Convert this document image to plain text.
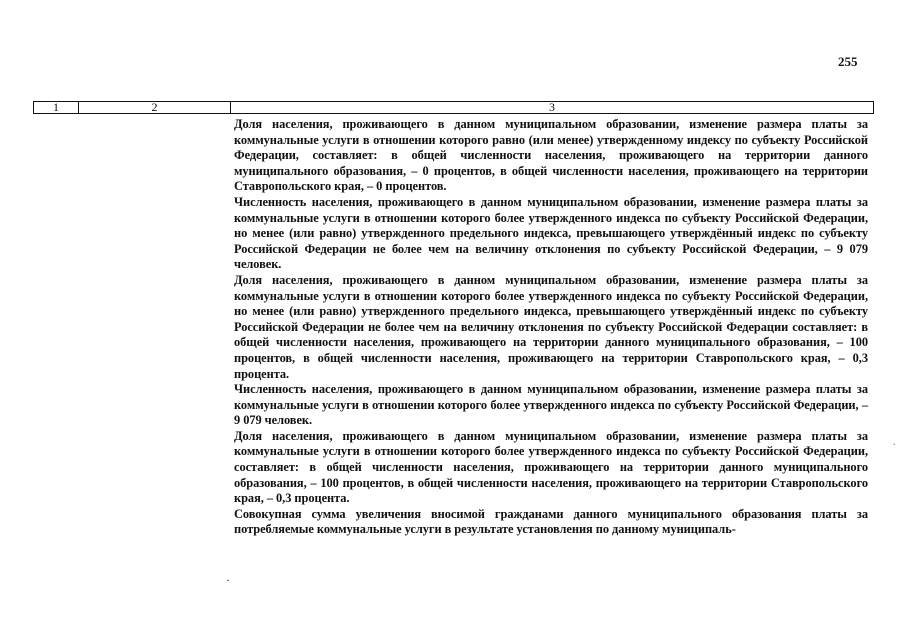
255
1	2	3

Доля населения, проживающего в данном муниципальном образовании, изменение размера платы за коммунальные услуги в отношении которого равно (или менее) утвержденному индексу по субъекту Российской Федерации, составляет: в общей численности населения, проживающего на территории данного муниципального образования, – 0 процентов, в общей численности населения, проживающего на территории Ставропольского края, – 0 процентов.

Численность населения, проживающего в данном муниципальном образовании, изменение размера платы за коммунальные услуги в отношении которого более утвержденного индекса по субъекту Российской Федерации, но менее (или равно) утвержденного предельного индекса, превышающего утверждённый индекс по субъекту Российской Федерации не более чем на величину отклонения по субъекту Российской Федерации, – 9 079 человек.

Доля населения, проживающего в данном муниципальном образовании, изменение размера платы за коммунальные услуги в отношении которого более утвержденного индекса по субъекту Российской Федерации, но менее (или равно) утвержденного предельного индекса, превышающего утверждённый индекс по субъекту Российской Федерации не более чем на величину отклонения по субъекту Российской Федерации составляет: в общей численности населения, проживающего на территории данного муниципального образования, – 100 процентов, в общей численности населения, проживающего на территории Ставропольского края, – 0,3 процента.

Численность населения, проживающего в данном муниципальном образовании, изменение размера платы за коммунальные услуги в отношении которого более утвержденного индекса по субъекту Российской Федерации, – 9 079 человек.

Доля населения, проживающего в данном муниципальном образовании, изменение размера платы за коммунальные услуги в отношении которого более утвержденного индекса по субъекту Российской Федерации, составляет: в общей численности населения, проживающего на территории данного муниципального образования, – 100 процентов, в общей численности населения, проживающего на территории Ставропольского края, – 0,3 процента.

Совокупная сумма увеличения вносимой гражданами данного муниципального образования платы за потребляемые коммунальные услуги в результате установления по данному муниципаль-

·
.
